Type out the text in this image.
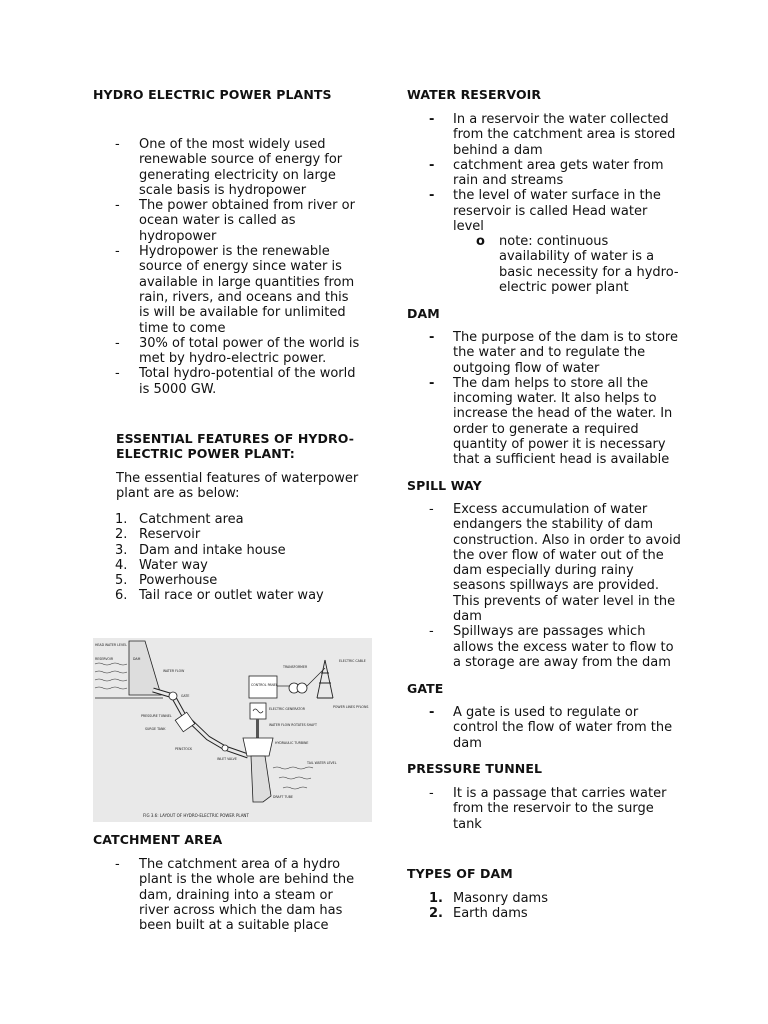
HYDRO ELECTRIC POWER PLANTS
- One of the most widely used renewable source of energy for generating electricity on large scale basis is hydropower
- The power obtained from river or ocean water is called as hydropower
- Hydropower is the renewable source of energy since water is available in large quantities from rain, rivers, and oceans and this is will be available for unlimited time to come
- 30% of total power of the world is met by hydro-electric power.
- Total hydro-potential of the world is 5000 GW.
ESSENTIAL FEATURES OF HYDRO-ELECTRIC POWER PLANT:
The essential features of waterpower plant are as below:
1. Catchment area
2. Reservoir
3. Dam and intake house
4. Water way
5. Powerhouse
6. Tail race or outlet water way
CATCHMENT AREA
- The catchment area of a hydro plant is the whole are behind the dam, draining into a steam or river across which the dam has been built at a suitable place
HEAD WATER LEVEL
RESERVOIR	DAM
WATER FLOW
GATE
PRESSURE TUNNEL
SURGE TANK
PENSTOCK
INLET VALVE
CONTROL PANEL
TRANSFORMER
ELECTRIC CABLE
POWER LINES PYLONS
ELECTRIC GENERATOR
WATER FLOW ROTATES SHAFT
HYDRAULIC TURBINE
TAIL WATER LEVEL
DRAFT TUBE
FIG 3.6: LAYOUT OF HYDRO-ELECTRIC POWER PLANT
WATER RESERVOIR
- In a reservoir the water collected from the catchment area is stored behind a dam
- catchment area gets water from rain and streams
- the level of water surface in the reservoir is called Head water level
o note: continuous availability of water is a basic necessity for a hydro-electric power plant
DAM
- The purpose of the dam is to store the water and to regulate the outgoing flow of water
- The dam helps to store all the incoming water. It also helps to increase the head of the water. In order to generate a required quantity of power it is necessary that a sufficient head is available
SPILL WAY
- Excess accumulation of water endangers the stability of dam construction. Also in order to avoid the over flow of water out of the dam especially during rainy seasons spillways are provided. This prevents of water level in the dam
- Spillways are passages which allows the excess water to flow to a storage are away from the dam
GATE
- A gate is used to regulate or control the flow of water from the dam
PRESSURE TUNNEL
- It is a passage that carries water from the reservoir to the surge tank
TYPES OF DAM
1. Masonry dams
2. Earth dams
